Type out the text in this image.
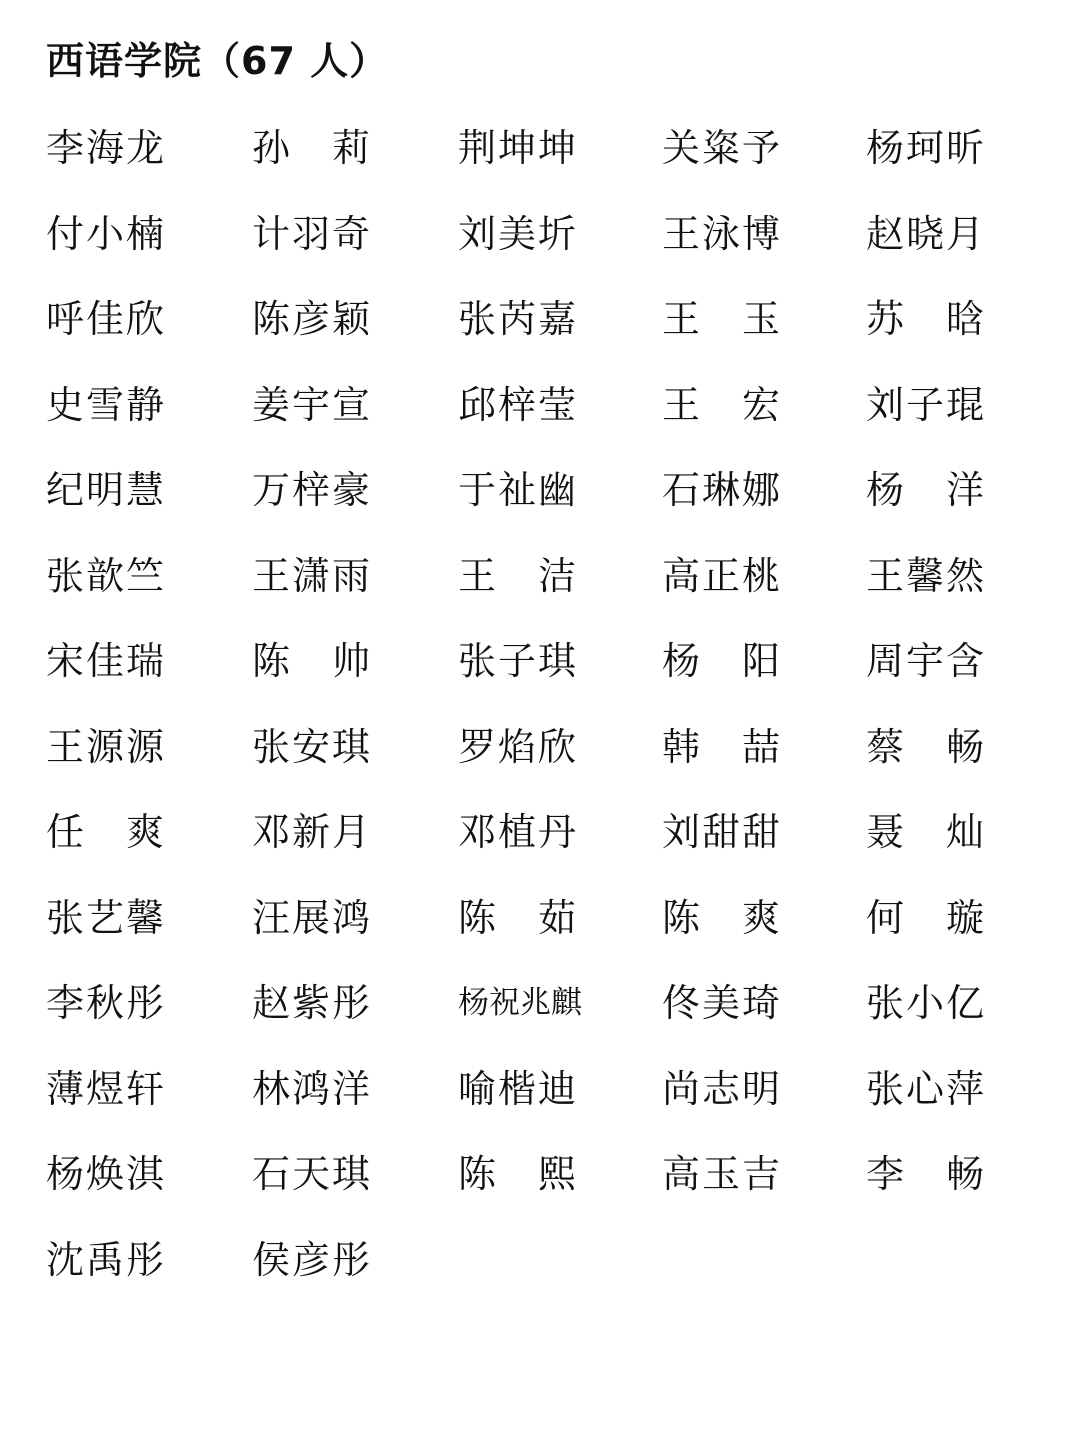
西语学院（67 人）
李 海 龙 孙 莉 荆 坤 坤 关 粢 予 杨 珂 昕
付 小 楠 计 羽 奇 刘 美 圻 王 泳 博 赵 晓 月
呼 佳 欣 陈 彦 颖 张 芮 嘉 王 玉 苏 晗
史 雪 静 姜 宇 宣 邱 梓 莹 王 宏 刘 子 琨
纪 明 慧 万 梓 豪 于 祉 幽 石 琳 娜 杨 洋
张 歆 竺 王 潇 雨 王 洁 高 正 桃 王 馨 然
宋 佳 瑞 陈 帅 张 子 琪 杨 阳 周 宇 含
王 源 源 张 安 琪 罗 焰 欣 韩 喆 蔡 畅
任 爽 邓 新 月 邓 植 丹 刘 甜 甜 聂 灿
张 艺 馨 汪 展 鸿 陈 茹 陈 爽 何 璇
李 秋 彤 赵 紫 彤	杨 祝 兆 麒 佟 美 琦 张 小 亿
薄 煜 轩 林 鸿 洋 喻 楷 迪 尚 志 明 张 心 萍
杨 焕 淇 石 天 琪 陈 熙 高 玉 吉 李 畅
沈 禹 彤 侯 彦 彤
